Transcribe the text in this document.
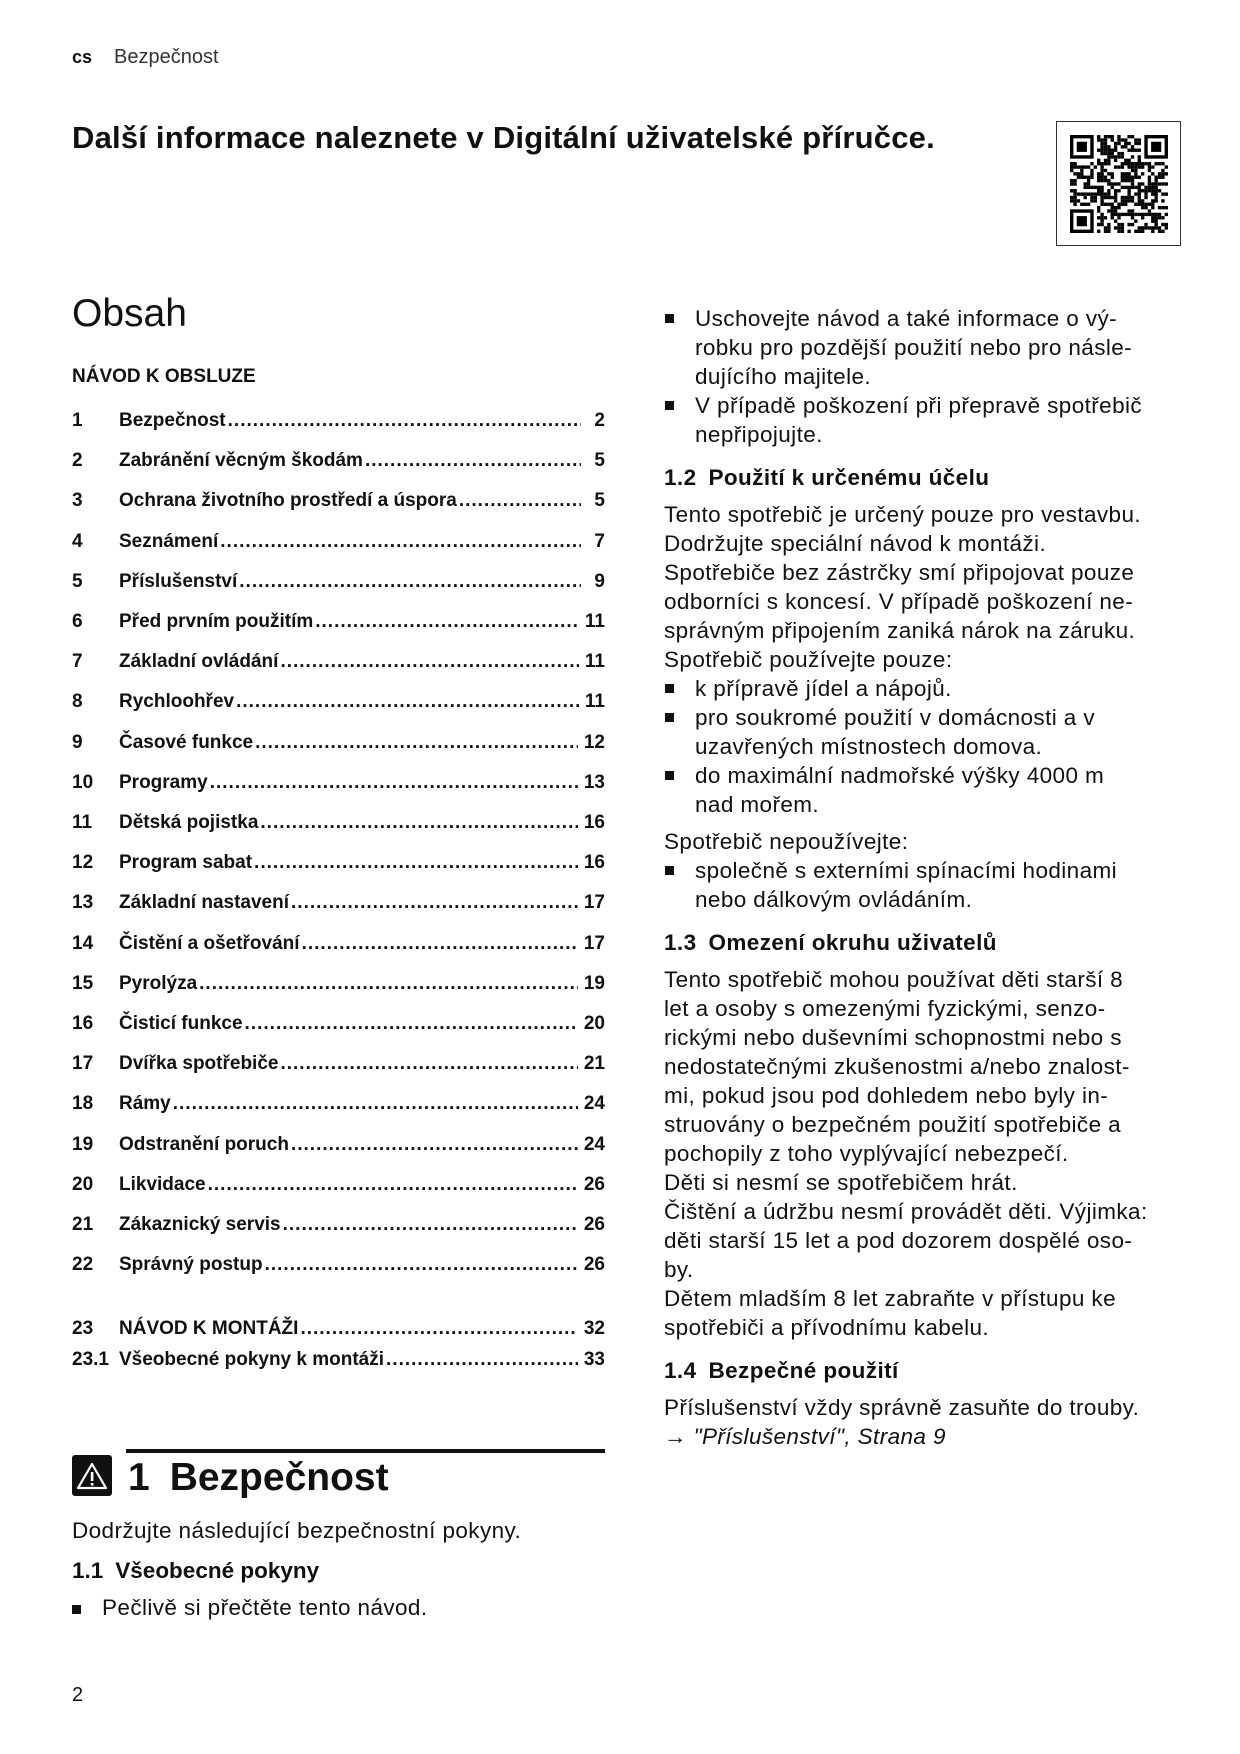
cs Bezpečnost
Další informace naleznete v Digitální uživatelské příručce.
Obsah
NÁVOD K OBSLUZE
1	Bezpečnost .....	2
2	Zabránění věcným škodám .....	5
3	Ochrana životního prostředí a úspora .....	5
4	Seznámení .....	7
5	Příslušenství .....	9
6	Před prvním použitím .....	11
7	Základní ovládání .....	11
8	Rychloohřev .....	11
9	Časové funkce .....	12
10	Programy .....	13
11	Dětská pojistka .....	16
12	Program sabat .....	16
13	Základní nastavení .....	17
14	Čistění a ošetřování .....	17
15	Pyrolýza .....	19
16	Čisticí funkce .....	20
17	Dvířka spotřebiče .....	21
18	Rámy .....	24
19	Odstranění poruch .....	24
20	Likvidace .....	26
21	Zákaznický servis .....	26
22	Správný postup .....	26
23	NÁVOD K MONTÁŽI .....	32
23.1 Všeobecné pokyny k montáži .....	33
1 Bezpečnost
Dodržujte následující bezpečnostní pokyny.
1.1 Všeobecné pokyny
Pečlivě si přečtěte tento návod.
2
Uschovejte návod a také informace o vý-
robku pro pozdější použití nebo pro násle-
dujícího majitele.
V případě poškození při přepravě spotřebič
nepřipojujte.
1.2 Použití k určenému účelu
Tento spotřebič je určený pouze pro vestavbu.
Dodržujte speciální návod k montáži.
Spotřebiče bez zástrčky smí připojovat pouze
odborníci s koncesí. V případě poškození ne-
správným připojením zaniká nárok na záruku.
Spotřebič používejte pouze:
k přípravě jídel a nápojů.
pro soukromé použití v domácnosti a v
uzavřených místnostech domova.
do maximální nadmořské výšky 4000 m
nad mořem.
Spotřebič nepoužívejte:
společně s externími spínacími hodinami
nebo dálkovým ovládáním.
1.3 Omezení okruhu uživatelů
Tento spotřebič mohou používat děti starší 8
let a osoby s omezenými fyzickými, senzo-
rickými nebo duševními schopnostmi nebo s
nedostatečnými zkušenostmi a/nebo znalost-
mi, pokud jsou pod dohledem nebo byly in-
struovány o bezpečném použití spotřebiče a
pochopily z toho vyplývající nebezpečí.
Děti si nesmí se spotřebičem hrát.
Čištění a údržbu nesmí provádět děti. Výjimka:
děti starší 15 let a pod dozorem dospělé oso-
by.
Dětem mladším 8 let zabraňte v přístupu ke
spotřebiči a přívodnímu kabelu.
1.4 Bezpečné použití
Příslušenství vždy správně zasuňte do trouby.
→ "Příslušenství", Strana 9
